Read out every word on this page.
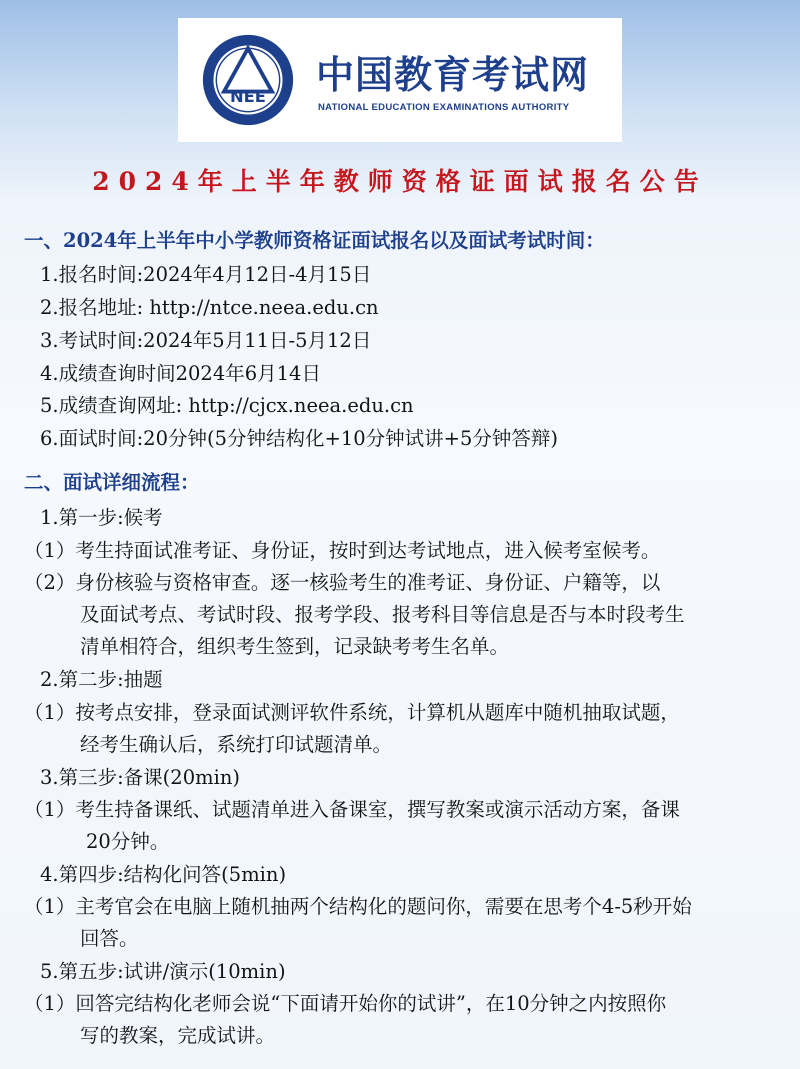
NEE 中国教育考试网
NATIONAL EDUCATION EXAMINATIONS AUTHORITY
2024年上半年教师资格证面试报名公告
一、2024年上半年中小学教师资格证面试报名以及面试考试时间：
1.报名时间:2024年4月12日-4月15日
2.报名地址: http://ntce.neea.edu.cn
3.考试时间:2024年5月11日-5月12日
4.成绩查询时间2024年6月14日
5.成绩查询网址: http://cjcx.neea.edu.cn
6.面试时间:20分钟(5分钟结构化+10分钟试讲+5分钟答辩)
二、面试详细流程：
1.第一步:候考
（1）考生持面试准考证、身份证，按时到达考试地点，进入候考室候考。
（2）身份核验与资格审查。逐一核验考生的准考证、身份证、户籍等，以
及面试考点、考试时段、报考学段、报考科目等信息是否与本时段考生
清单相符合，组织考生签到，记录缺考考生名单。
2.第二步:抽题
（1）按考点安排，登录面试测评软件系统，计算机从题库中随机抽取试题，
经考生确认后，系统打印试题清单。
3.第三步:备课(20min)
（1）考生持备课纸、试题清单进入备课室，撰写教案或演示活动方案，备课
20分钟。
4.第四步:结构化问答(5min)
（1）主考官会在电脑上随机抽两个结构化的题问你，需要在思考个4-5秒开始
回答。
5.第五步:试讲/演示(10min)
（1）回答完结构化老师会说“下面请开始你的试讲”，在10分钟之内按照你
写的教案，完成试讲。
